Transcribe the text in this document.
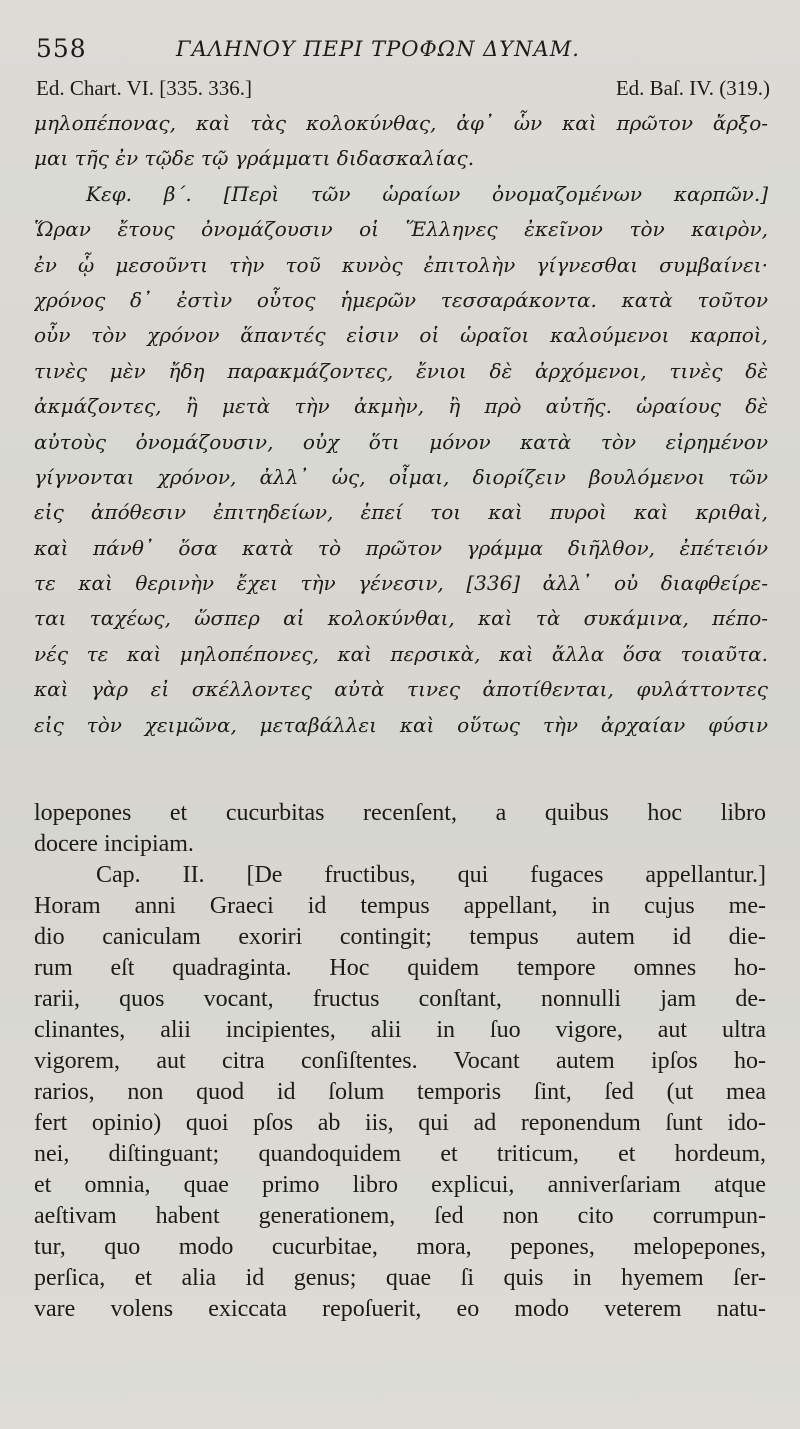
558	ΓΑΛΗΝΟΥ ΠΕΡΙ ΤΡΟΦΩΝ ΔΥΝΑΜ.
Ed. Chart. VI. [335. 336.]	Ed. Baſ. IV. (319.)
μηλοπέπονας, καὶ τὰς κολοκύνθας, ἀφ᾿ ὧν καὶ πρῶτον ἄρξο-
μαι τῆς ἐν τῷδε τῷ γράμματι διδασκαλίας.
Κεφ. β΄. [Περὶ τῶν ὡραίων ὀνομαζομένων καρπῶν.]
Ὥραν ἔτους ὀνομάζουσιν οἱ Ἕλληνες ἐκεῖνον τὸν καιρὸν,
ἐν ᾧ μεσοῦντι τὴν τοῦ κυνὸς ἐπιτολὴν γίγνεσθαι συμβαίνει·
χρόνος δ᾿ ἐστὶν οὗτος ἡμερῶν τεσσαράκοντα. κατὰ τοῦτον
οὖν τὸν χρόνον ἅπαντές εἰσιν οἱ ὡραῖοι καλούμενοι καρποὶ,
τινὲς μὲν ἤδη παρακμάζοντες, ἔνιοι δὲ ἀρχόμενοι, τινὲς δὲ
ἀκμάζοντες, ἢ μετὰ τὴν ἀκμὴν, ἢ πρὸ αὐτῆς. ὡραίους δὲ
αὐτοὺς ὀνομάζουσιν, οὐχ ὅτι μόνον κατὰ τὸν εἰρημένον
γίγνονται χρόνον, ἀλλ᾿ ὡς, οἶμαι, διορίζειν βουλόμενοι τῶν
εἰς ἀπόθεσιν ἐπιτηδείων, ἐπεί τοι καὶ πυροὶ καὶ κριθαὶ,
καὶ πάνθ᾿ ὅσα κατὰ τὸ πρῶτον γράμμα διῆλθον, ἐπέτειόν
τε καὶ θερινὴν ἔχει τὴν γένεσιν, [336] ἀλλ᾿ οὐ διαφθείρε-
ται ταχέως, ὥσπερ αἱ κολοκύνθαι, καὶ τὰ συκάμινα, πέπο-
νές τε καὶ μηλοπέπονες, καὶ περσικὰ, καὶ ἄλλα ὅσα τοιαῦτα.
καὶ γὰρ εἰ σκέλλοντες αὐτὰ τινες ἀποτίθενται, φυλάττοντες
εἰς τὸν χειμῶνα, μεταβάλλει καὶ οὕτως τὴν ἀρχαίαν φύσιν
lopepones et cucurbitas recenſent, a quibus hoc libro
docere incipiam.
Cap. II. [De fructibus, qui fugaces appellantur.]
Horam anni Graeci id tempus appellant, in cujus me-
dio caniculam exoriri contingit; tempus autem id die-
rum eſt quadraginta. Hoc quidem tempore omnes ho-
rarii, quos vocant, fructus conſtant, nonnulli jam de-
clinantes, alii incipientes, alii in ſuo vigore, aut ultra
vigorem, aut citra conſiſtentes. Vocant autem ipſos ho-
rarios, non quod id ſolum temporis ſint, ſed (ut mea
fert opinio) quoi pſos ab iis, qui ad reponendum ſunt ido-
nei, diſtinguant; quandoquidem et triticum, et hordeum,
et omnia, quae primo libro explicui, anniverſariam atque
aeſtivam habent generationem, ſed non cito corrumpun-
tur, quo modo cucurbitae, mora, pepones, melopepones,
perſica, et alia id genus; quae ſi quis in hyemem ſer-
vare volens exiccata repoſuerit, eo modo veterem natu-
